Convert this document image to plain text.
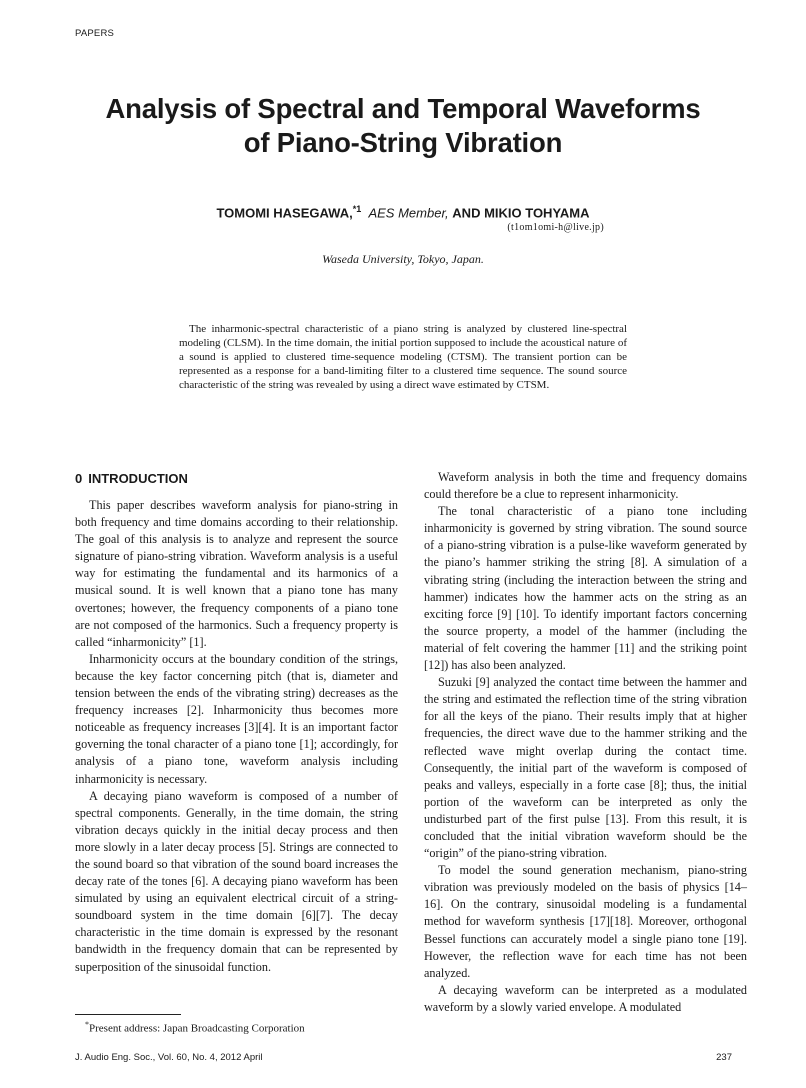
PAPERS
Analysis of Spectral and Temporal Waveforms
of Piano-String Vibration
TOMOMI HASEGAWA,$^{*1}$ AES Member, AND MIKIO TOHYAMA
(t1om1omi-h@live.jp)
Waseda University, Tokyo, Japan.

The inharmonic-spectral characteristic of a piano string is analyzed by clustered line-spectral modeling (CLSM). In the time domain, the initial portion supposed to include the acoustical nature of a sound is applied to clustered time-sequence modeling (CTSM). The transient portion can be represented as a response for a band-limiting filter to a clustered time sequence. The sound source characteristic of the string was revealed by using a direct wave estimated by CTSM.

0 INTRODUCTION

This paper describes waveform analysis for piano-string in both frequency and time domains according to their relationship. The goal of this analysis is to analyze and represent the source signature of piano-string vibration. Waveform analysis is a useful way for estimating the fundamental and its harmonics of a musical sound. It is well known that a piano tone has many overtones; however, the frequency components of a piano tone are not composed of the harmonics. Such a frequency property is called “inharmonicity” [1].

Inharmonicity occurs at the boundary condition of the strings, because the key factor concerning pitch (that is, diameter and tension between the ends of the vibrating string) decreases as the frequency increases [2]. Inharmonicity thus becomes more noticeable as frequency increases [3][4]. It is an important factor governing the tonal character of a piano tone [1]; accordingly, for analysis of a piano tone, waveform analysis including inharmonicity is necessary.

A decaying piano waveform is composed of a number of spectral components. Generally, in the time domain, the string vibration decays quickly in the initial decay process and then more slowly in a later decay process [5]. Strings are connected to the sound board so that vibration of the sound board increases the decay rate of the tones [6]. A decaying piano waveform has been simulated by using an equivalent electrical circuit of a string-soundboard system in the time domain [6][7]. The decay characteristic in the time domain is expressed by the resonant bandwidth in the frequency domain that can be represented by superposition of the sinusoidal function.

Waveform analysis in both the time and frequency domains could therefore be a clue to represent inharmonicity.

The tonal characteristic of a piano tone including inharmonicity is governed by string vibration. The sound source of a piano-string vibration is a pulse-like waveform generated by the piano’s hammer striking the string [8]. A simulation of a vibrating string (including the interaction between the string and hammer) indicates how the hammer acts on the string as an exciting force [9] [10]. To identify important factors concerning the source property, a model of the hammer (including the material of felt covering the hammer [11] and the striking point [12]) has also been analyzed.

Suzuki [9] analyzed the contact time between the hammer and the string and estimated the reflection time of the string vibration for all the keys of the piano. Their results imply that at higher frequencies, the direct wave due to the hammer striking and the reflected wave might overlap during the contact time. Consequently, the initial part of the waveform is composed of peaks and valleys, especially in a forte case [8]; thus, the initial portion of the waveform can be interpreted as only the undisturbed part of the first pulse [13]. From this result, it is concluded that the initial vibration waveform should be the “origin” of the piano-string vibration.

To model the sound generation mechanism, piano-string vibration was previously modeled on the basis of physics [14–16]. On the contrary, sinusoidal modeling is a fundamental method for waveform synthesis [17][18]. Moreover, orthogonal Bessel functions can accurately model a single piano tone [19]. However, the reflection wave for each time has not been analyzed.

A decaying waveform can be interpreted as a modulated waveform by a slowly varied envelope. A modulated

*Present address: Japan Broadcasting Corporation
J. Audio Eng. Soc., Vol. 60, No. 4, 2012 April	237
